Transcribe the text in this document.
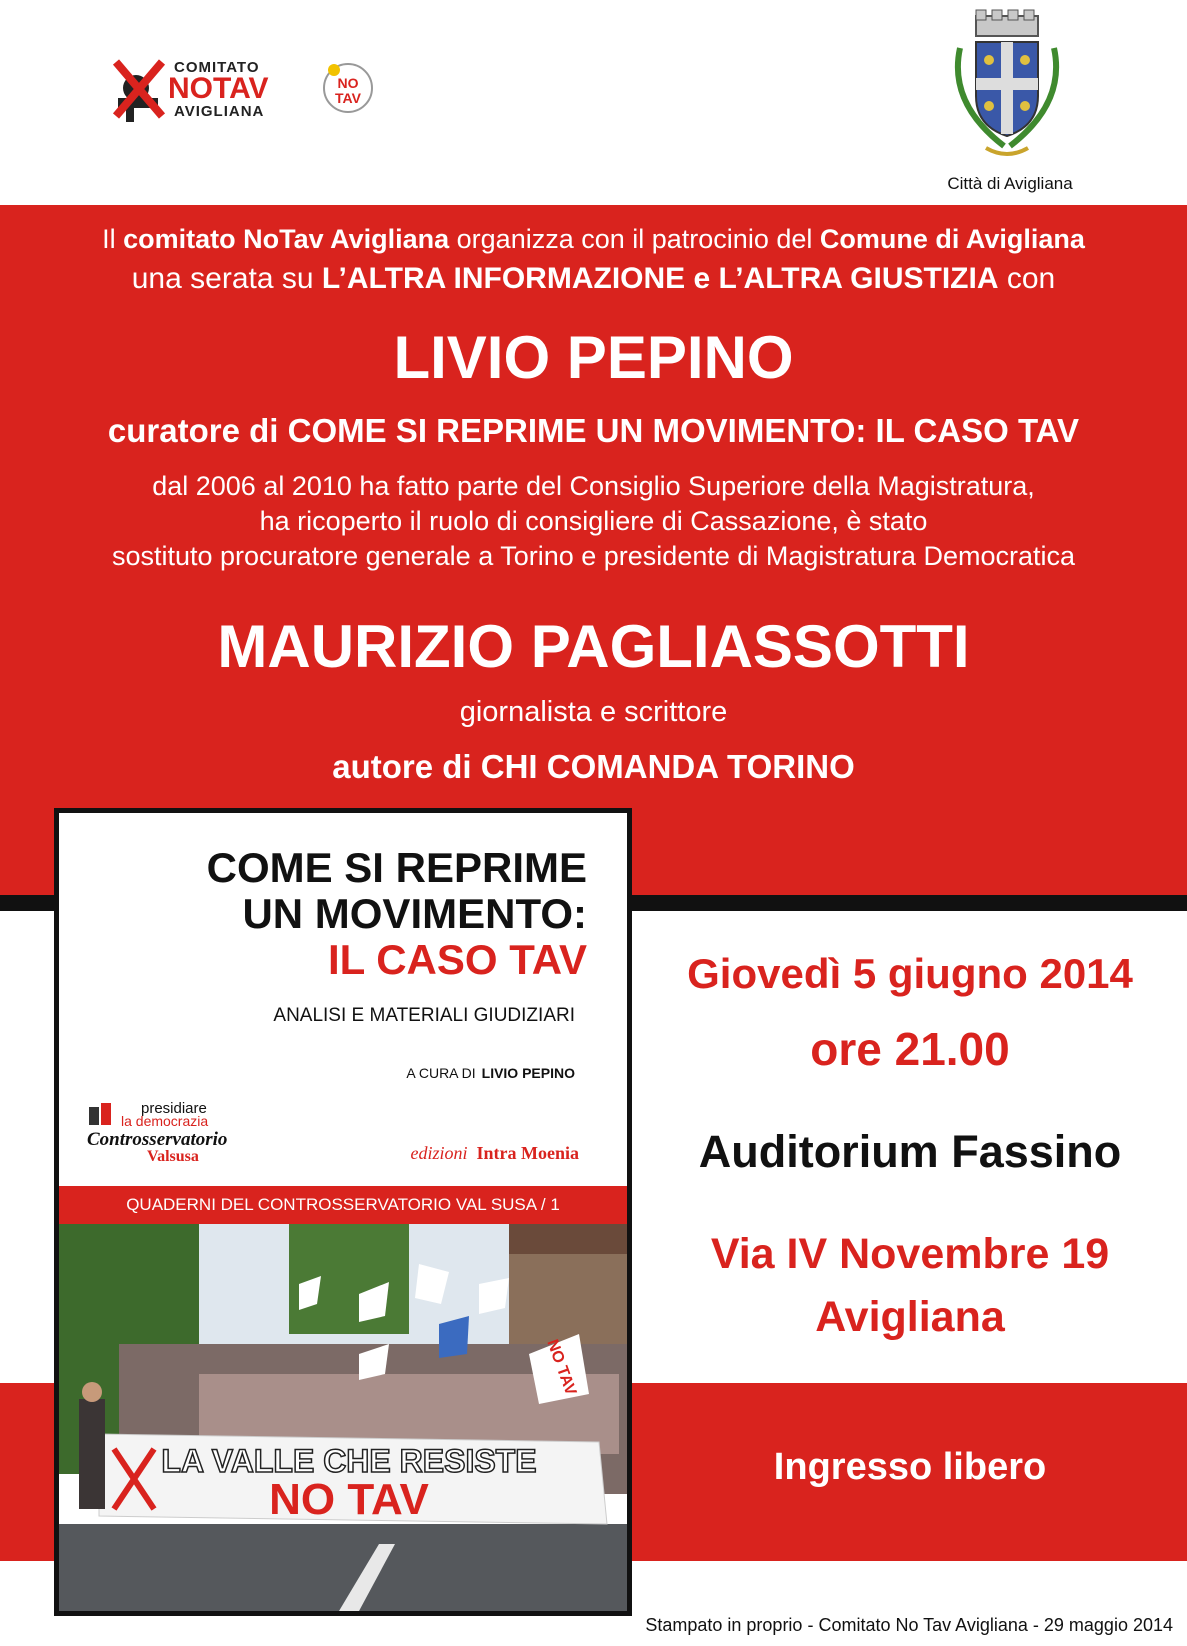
COMITATO
NOTAV
AVIGLIANA
NO
TAV
Città di Avigliana
Il comitato NoTav Avigliana organizza con il patrocinio del Comune di Avigliana
una serata su L’ALTRA INFORMAZIONE e L’ALTRA GIUSTIZIA con
LIVIO PEPINO
curatore di COME SI REPRIME UN MOVIMENTO: IL CASO TAV
dal 2006 al 2010 ha fatto parte del Consiglio Superiore della Magistratura,
ha ricoperto il ruolo di consigliere di Cassazione, è stato
sostituto procuratore generale a Torino e presidente di Magistratura Democratica
MAURIZIO PAGLIASSOTTI
giornalista e scrittore
autore di CHI COMANDA TORINO
COME SI REPRIME
UN MOVIMENTO:
IL CASO TAV
ANALISI E MATERIALI GIUDIZIARI
A CURA DI LIVIO PEPINO
presidiare
la democrazia
Controsservatorio
Valsusa	edizioni Intra Moenia
QUADERNI DEL CONTROSSERVATORIO VAL SUSA / 1
NO TAV
LA VALLE CHE RESISTE
NO TAV
Giovedì 5 giugno 2014
ore 21.00
Auditorium Fassino
Via IV Novembre 19
Avigliana
Ingresso libero
Stampato in proprio - Comitato No Tav Avigliana - 29 maggio 2014
